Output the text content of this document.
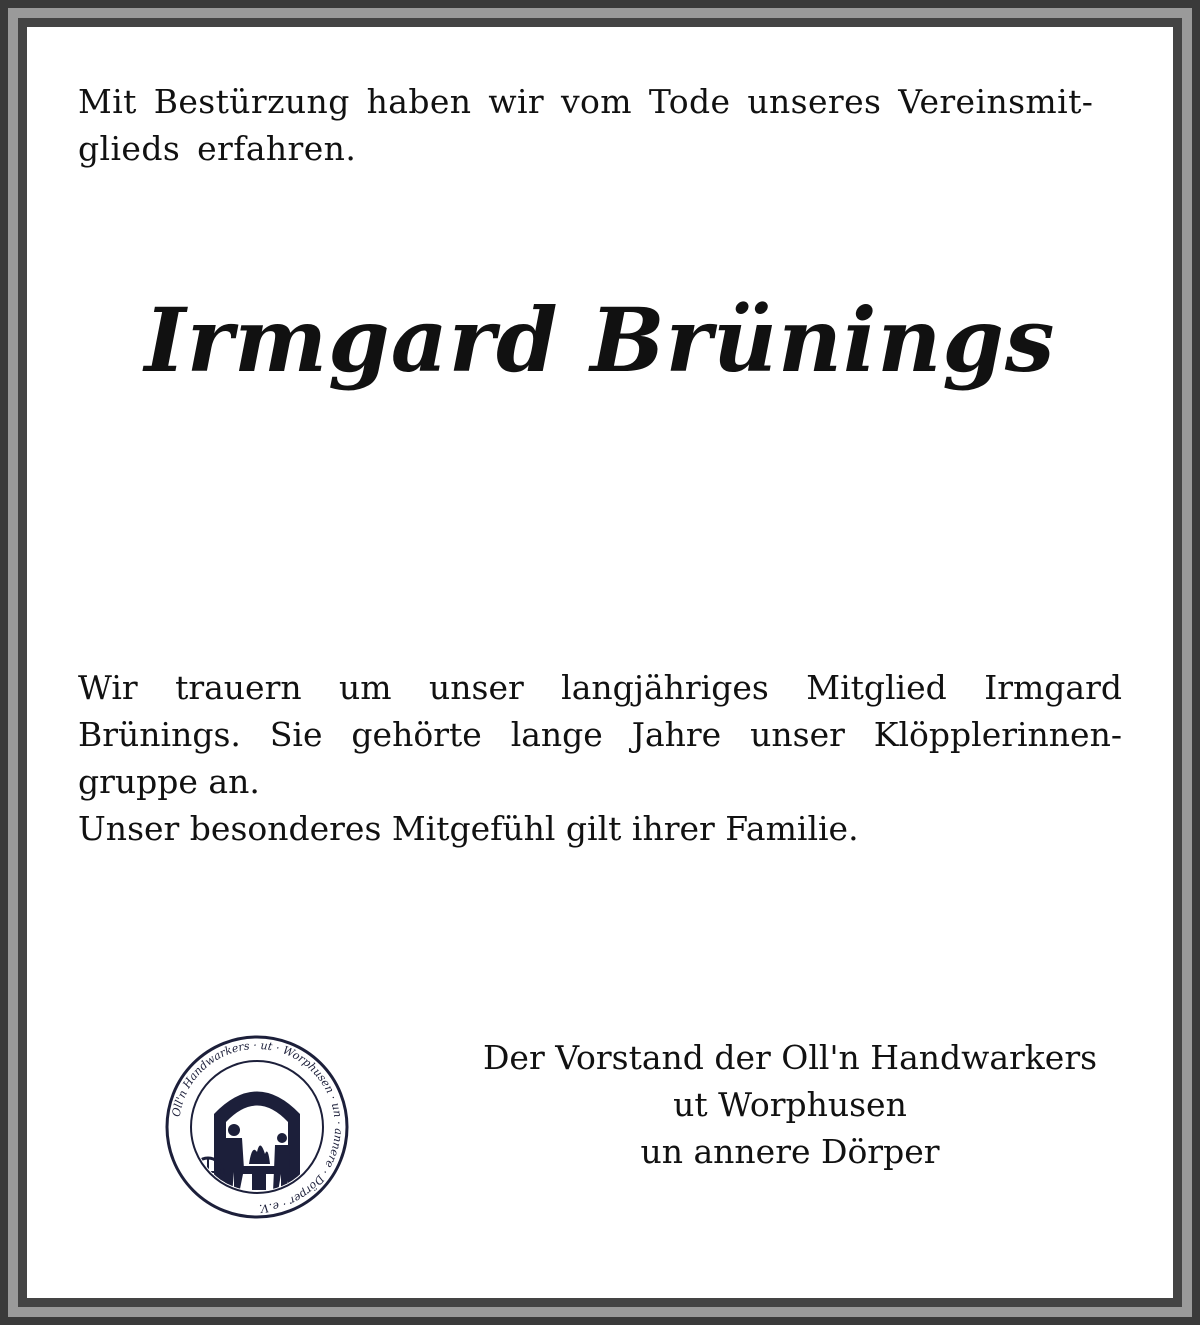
Mit Bestürzung haben wir vom Tode unseres Vereinsmit-
glieds erfahren.

Irmgard Brünings

Wir trauern um unser langjähriges Mitglied Irmgard
Brünings. Sie gehörte lange Jahre unser Klöpplerinnen-
gruppe an.
Unser besonderes Mitgefühl gilt ihrer Familie.

Oll'n Handwarkers · ut · Worphusen · un · annere · Dörper · e.V.
Der Vorstand der Oll'n Handwarkers
ut Worphusen
un annere Dörper
